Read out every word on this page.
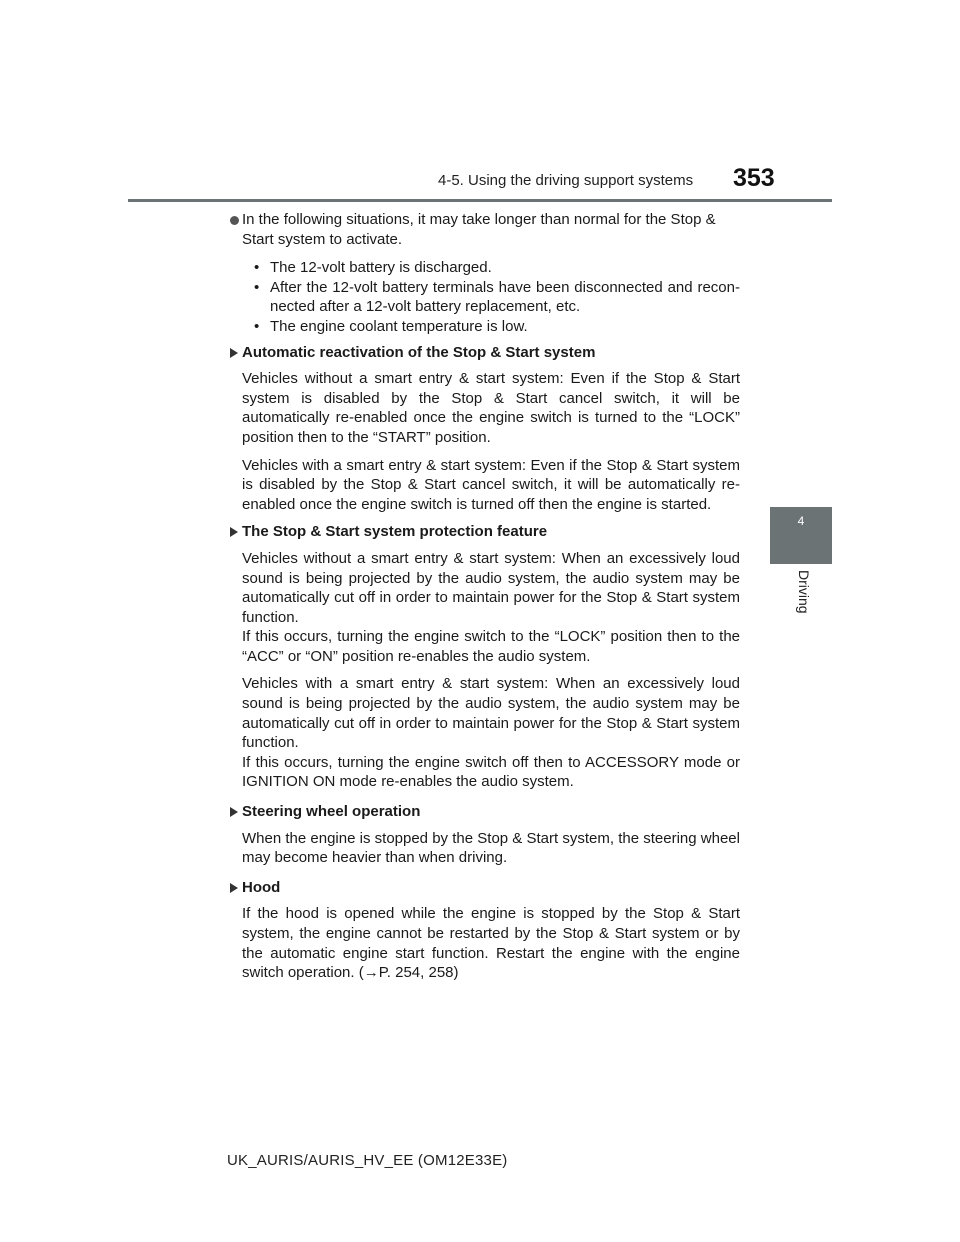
4-5. Using the driving support systems 353
4
Driving

In the following situations, it may take longer than normal for the Stop & Start system to activate.

• The 12-volt battery is discharged.
• After the 12-volt battery terminals have been disconnected and reconnected after a 12-volt battery replacement, etc.
• The engine coolant temperature is low.

Automatic reactivation of the Stop & Start system

Vehicles without a smart entry & start system: Even if the Stop & Start system is disabled by the Stop & Start cancel switch, it will be automatically re-enabled once the engine switch is turned to the “LOCK” position then to the “START” position.

Vehicles with a smart entry & start system: Even if the Stop & Start system is disabled by the Stop & Start cancel switch, it will be automatically re-enabled once the engine switch is turned off then the engine is started.

The Stop & Start system protection feature

Vehicles without a smart entry & start system: When an excessively loud sound is being projected by the audio system, the audio system may be automatically cut off in order to maintain power for the Stop & Start system function.
If this occurs, turning the engine switch to the “LOCK” position then to the “ACC” or “ON” position re-enables the audio system.

Vehicles with a smart entry & start system: When an excessively loud sound is being projected by the audio system, the audio system may be automatically cut off in order to maintain power for the Stop & Start system function.
If this occurs, turning the engine switch off then to ACCESSORY mode or IGNITION ON mode re-enables the audio system.

Steering wheel operation

When the engine is stopped by the Stop & Start system, the steering wheel may become heavier than when driving.

Hood

If the hood is opened while the engine is stopped by the Stop & Start system, the engine cannot be restarted by the Stop & Start system or by the automatic engine start function. Restart the engine with the engine switch operation. (→P. 254, 258)

UK_AURIS/AURIS_HV_EE (OM12E33E)
